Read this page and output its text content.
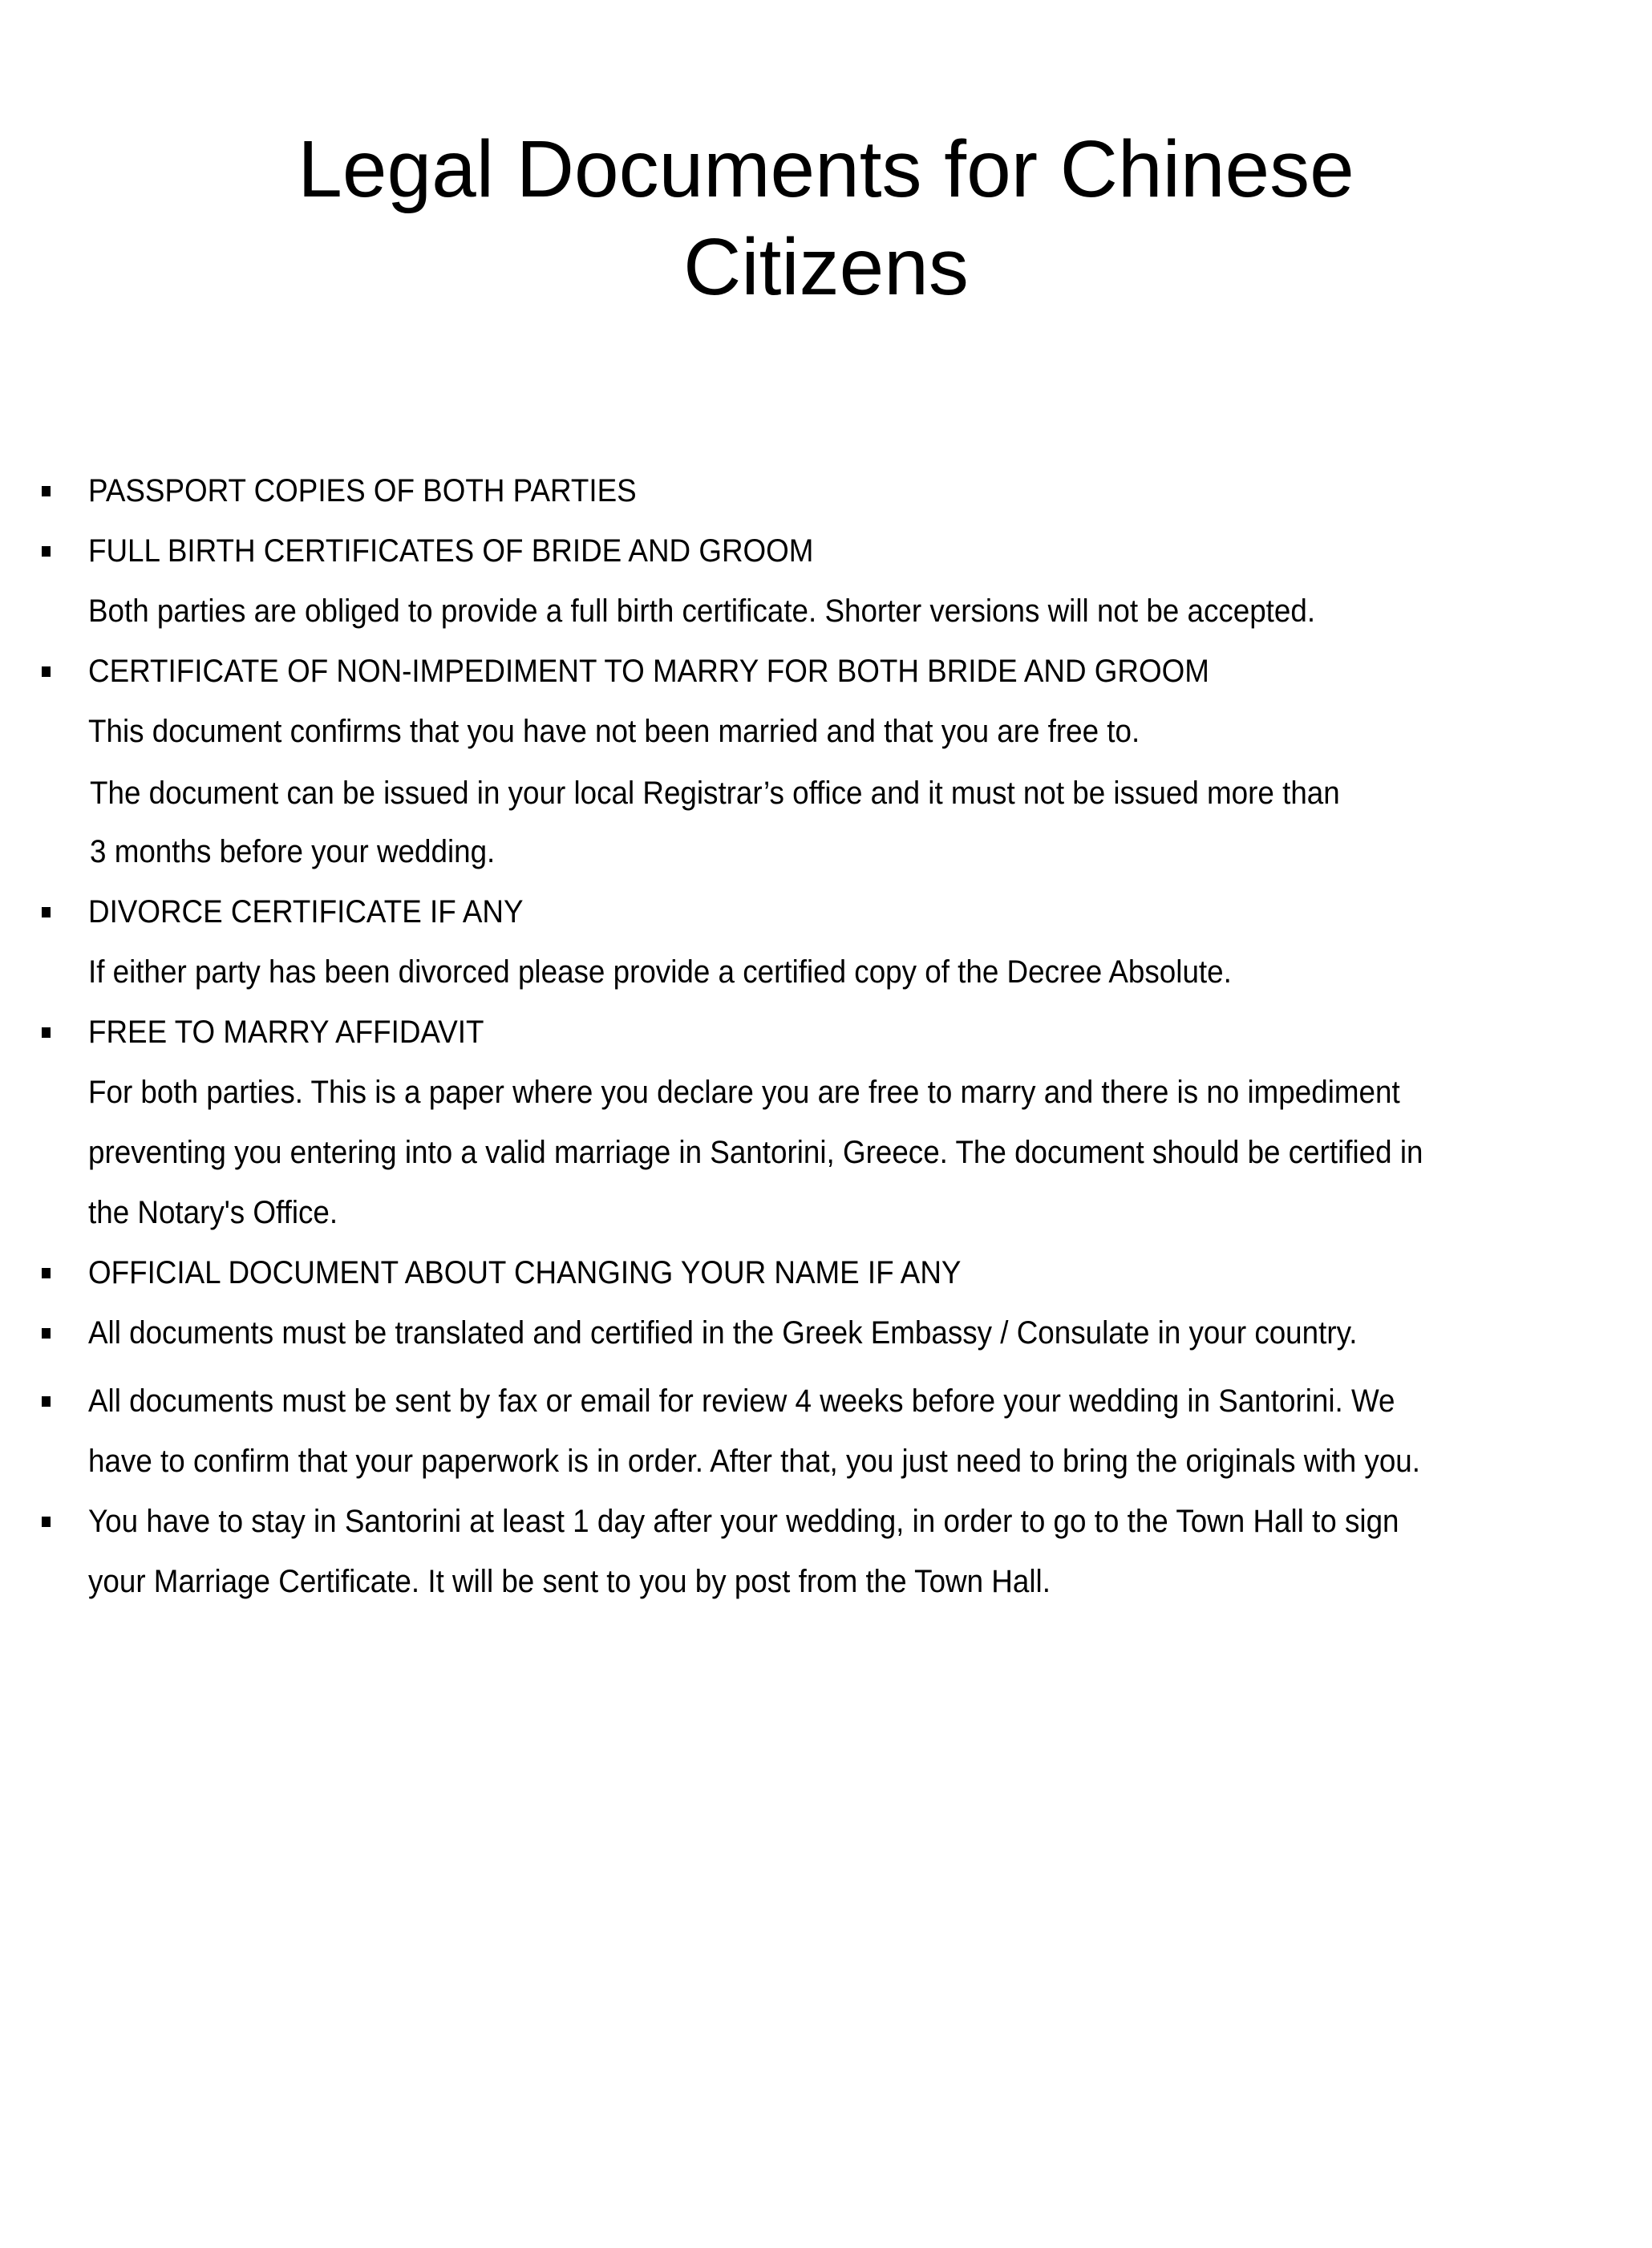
Legal Documents for Chinese
Citizens
PASSPORT COPIES OF BOTH PARTIES
FULL BIRTH CERTIFICATES OF BRIDE AND GROOM
Both parties are obliged to provide a full birth certificate. Shorter versions will not be accepted.
CERTIFICATE OF NON-IMPEDIMENT TO MARRY FOR BOTH BRIDE AND GROOM
This document confirms that you have not been married and that you are free to.
The document can be issued in your local Registrar’s office and it must not be issued more than
3 months before your wedding.
DIVORCE CERTIFICATE IF ANY
If either party has been divorced please provide a certified copy of the Decree Absolute.
FREE TO MARRY AFFIDAVIT
For both parties. This is a paper where you declare you are free to marry and there is no impediment
preventing you entering into a valid marriage in Santorini, Greece. The document should be certified in
the Notary's Office.
OFFICIAL DOCUMENT ABOUT CHANGING YOUR NAME IF ANY
All documents must be translated and certified in the Greek Embassy / Consulate in your country.
All documents must be sent by fax or email for review 4 weeks before your wedding in Santorini. We
have to confirm that your paperwork is in order. After that, you just need to bring the originals with you.
You have to stay in Santorini at least 1 day after your wedding, in order to go to the Town Hall to sign
your Marriage Certificate. It will be sent to you by post from the Town Hall.
